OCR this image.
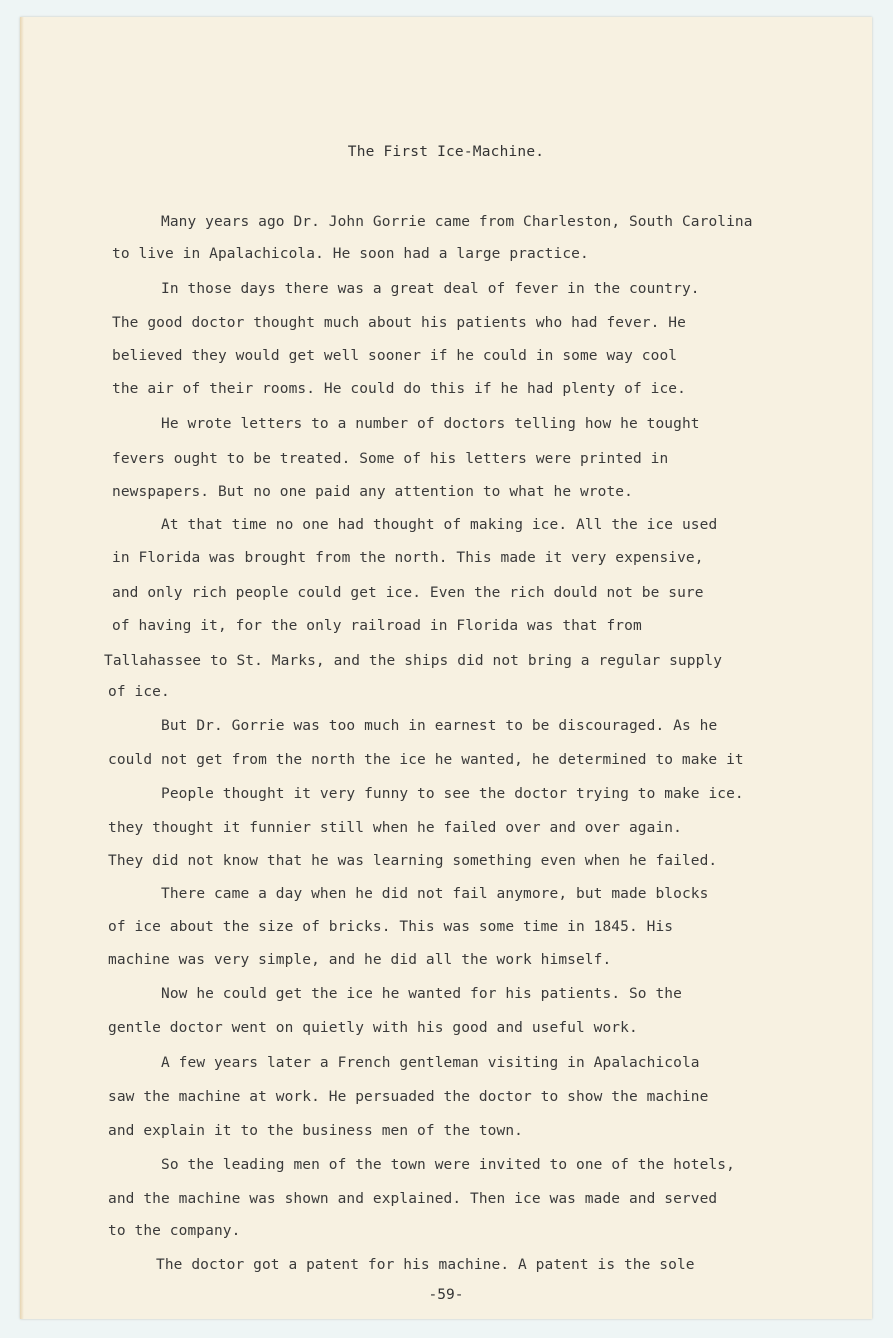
The First Ice-Machine.
Many years ago Dr. John Gorrie came from Charleston, South Carolina
to live in Apalachicola. He soon had a large practice.
In those days there was a great deal of fever in the country.
The good doctor thought much about his patients who had fever. He
believed they would get well sooner if he could in some way cool
the air of their rooms. He could do this if he had plenty of ice.
He wrote letters to a number of doctors telling how he tought
fevers ought to be treated. Some of his letters were printed in
newspapers. But no one paid any attention to what he wrote.
At that time no one had thought of making ice. All the ice used
in Florida was brought from the north. This made it very expensive,
and only rich people could get ice. Even the rich dould not be sure
of having it, for the only railroad in Florida was that from
Tallahassee to St. Marks, and the ships did not bring a regular supply
of ice.
But Dr. Gorrie was too much in earnest to be discouraged. As he
could not get from the north the ice he wanted, he determined to make it
People thought it very funny to see the doctor trying to make ice.
they thought it funnier still when he failed over and over again.
They did not know that he was learning something even when he failed.
There came a day when he did not fail anymore, but made blocks
of ice about the size of bricks. This was some time in 1845. His
machine was very simple, and he did all the work himself.
Now he could get the ice he wanted for his patients. So the
gentle doctor went on quietly with his good and useful work.
A few years later a French gentleman visiting in Apalachicola
saw the machine at work. He persuaded the doctor to show the machine
and explain it to the business men of the town.
So the leading men of the town were invited to one of the hotels,
and the machine was shown and explained. Then ice was made and served
to the company.
The doctor got a patent for his machine. A patent is the sole
-59-
